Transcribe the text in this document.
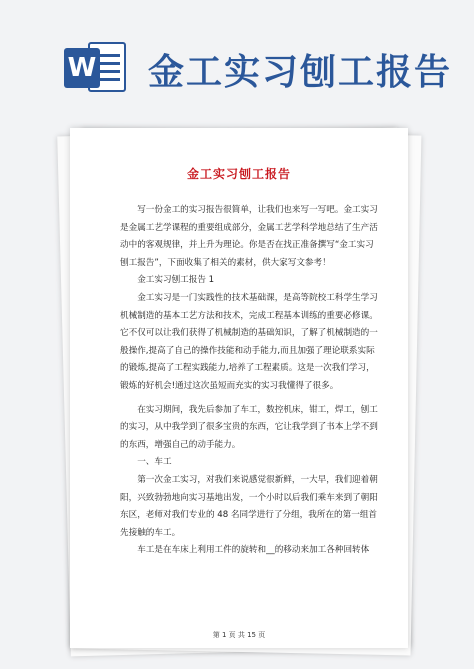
W 金工实习刨工报告
金工实习刨工报告

写一份金工的实习报告很简单，让我们也来写一写吧。金工实习
是金属工艺学课程的重要组成部分，金属工艺学科学地总结了生产活
动中的客观规律，并上升为理论。你是否在找正准备撰写“金工实习
刨工报告”，下面收集了相关的素材，供大家写文参考！

金工实习刨工报告 1

金工实习是一门实践性的技术基础课，是高等院校工科学生学习
机械制造的基本工艺方法和技术，完成工程基本训练的重要必修课。
它不仅可以让我们获得了机械制造的基础知识，了解了机械制造的一
般操作,提高了自己的操作技能和动手能力,而且加强了理论联系实际
的锻炼,提高了工程实践能力,培养了工程素质。这是一次我们学习，
锻炼的好机会!通过这次虽短而充实的实习我懂得了很多。

在实习期间，我先后参加了车工，数控机床，钳工，焊工，刨工
的实习，从中我学到了很多宝贵的东西，它让我学到了书本上学不到
的东西，增强自己的动手能力。

一、车工

第一次金工实习，对我们来说感觉很新鲜，一大早，我们迎着朝
阳，兴致勃勃地向实习基地出发，一个小时以后我们乘车来到了朝阳
东区，老师对我们专业的 48 名同学进行了分组，我所在的第一组首
先接触的车工。

车工是在车床上利用工件的旋转和__的移动来加工各种回转体

第 1 页 共 15 页
